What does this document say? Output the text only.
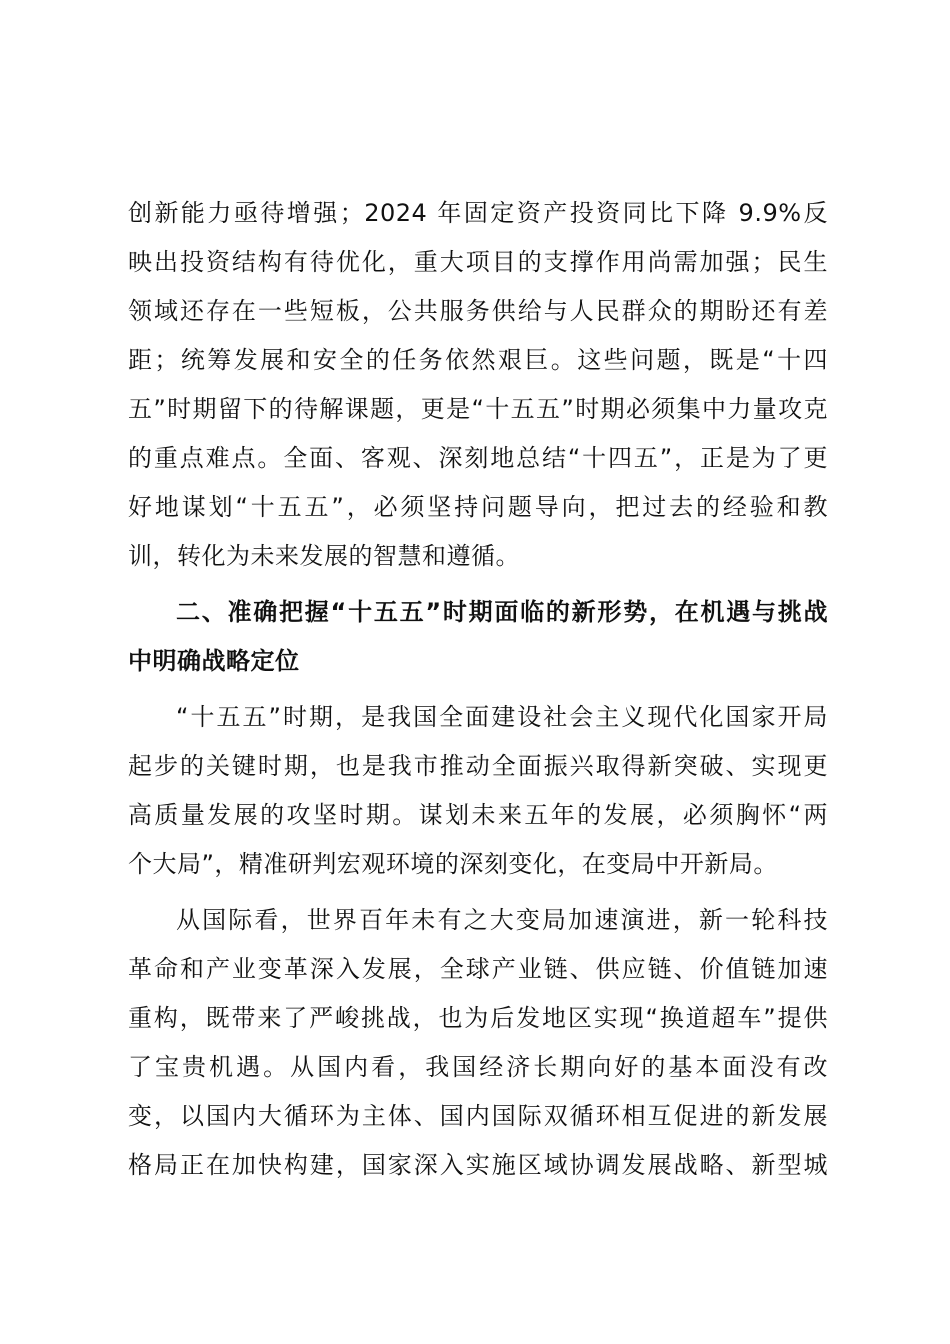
创新能力亟待增强；2024 年固定资产投资同比下降 9.9%反
映出投资结构有待优化，重大项目的支撑作用尚需加强；民生
领域还存在一些短板，公共服务供给与人民群众的期盼还有差
距；统筹发展和安全的任务依然艰巨。这些问题，既是“十四
五”时期留下的待解课题，更是“十五五”时期必须集中力量攻克
的重点难点。全面、客观、深刻地总结“十四五”，正是为了更
好地谋划“十五五”，必须坚持问题导向，把过去的经验和教
训，转化为未来发展的智慧和遵循。
二、准确把握“十五五”时期面临的新形势，在机遇与挑战
中明确战略定位
“十五五”时期，是我国全面建设社会主义现代化国家开局
起步的关键时期，也是我市推动全面振兴取得新突破、实现更
高质量发展的攻坚时期。谋划未来五年的发展，必须胸怀“两
个大局”，精准研判宏观环境的深刻变化，在变局中开新局。
从国际看，世界百年未有之大变局加速演进，新一轮科技
革命和产业变革深入发展，全球产业链、供应链、价值链加速
重构，既带来了严峻挑战，也为后发地区实现“换道超车”提供
了宝贵机遇。从国内看，我国经济长期向好的基本面没有改
变，以国内大循环为主体、国内国际双循环相互促进的新发展
格局正在加快构建，国家深入实施区域协调发展战略、新型城
